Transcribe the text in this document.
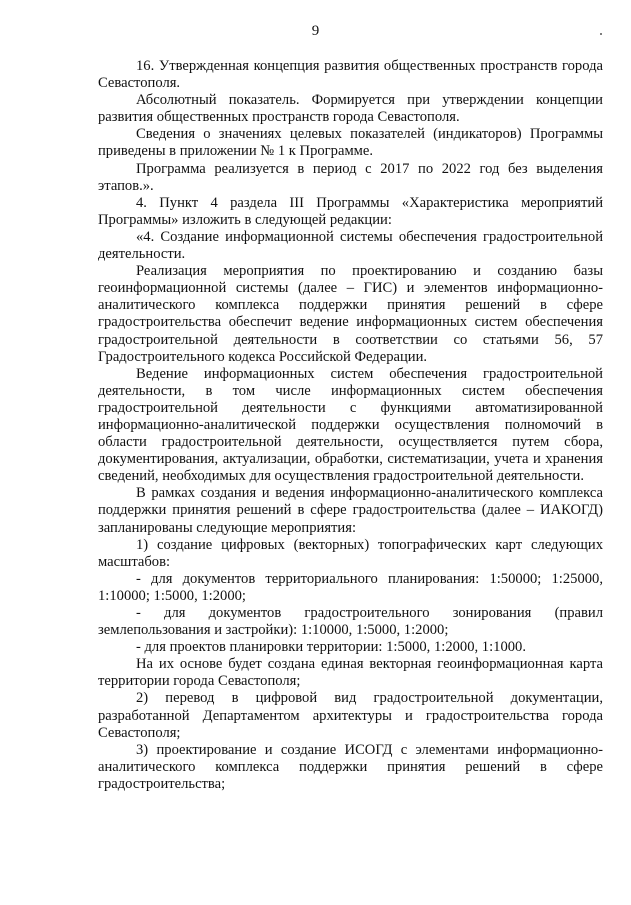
9

16. Утвержденная концепция развития общественных пространств города Севастополя.

Абсолютный показатель. Формируется при утверждении концепции развития общественных пространств города Севастополя.

Сведения о значениях целевых показателей (индикаторов) Программы приведены в приложении № 1 к Программе.

Программа реализуется в период с 2017 по 2022 год без выделения этапов.».

4. Пункт 4 раздела III Программы «Характеристика мероприятий Программы» изложить в следующей редакции:

«4. Создание информационной системы обеспечения градостроительной деятельности.

Реализация мероприятия по проектированию и созданию базы геоинформационной системы (далее – ГИС) и элементов информационно-аналитического комплекса поддержки принятия решений в сфере градостроительства обеспечит ведение информационных систем обеспечения градостроительной деятельности в соответствии со статьями 56, 57 Градостроительного кодекса Российской Федерации.

Ведение информационных систем обеспечения градостроительной деятельности, в том числе информационных систем обеспечения градостроительной деятельности с функциями автоматизированной информационно-аналитической поддержки осуществления полномочий в области градостроительной деятельности, осуществляется путем сбора, документирования, актуализации, обработки, систематизации, учета и хранения сведений, необходимых для осуществления градостроительной деятельности.

В рамках создания и ведения информационно-аналитического комплекса поддержки принятия решений в сфере градостроительства (далее – ИАКОГД) запланированы следующие мероприятия:

1) создание цифровых (векторных) топографических карт следующих масштабов:

- для документов территориального планирования: 1:50000; 1:25000, 1:10000; 1:5000, 1:2000;

- для документов градостроительного зонирования (правил землепользования и застройки): 1:10000, 1:5000, 1:2000;

- для проектов планировки территории: 1:5000, 1:2000, 1:1000.

На их основе будет создана единая векторная геоинформационная карта территории города Севастополя;

2) перевод в цифровой вид градостроительной документации, разработанной Департаментом архитектуры и градостроительства города Севастополя;

3) проектирование и создание ИСОГД с элементами информационно-аналитического комплекса поддержки принятия решений в сфере градостроительства;
